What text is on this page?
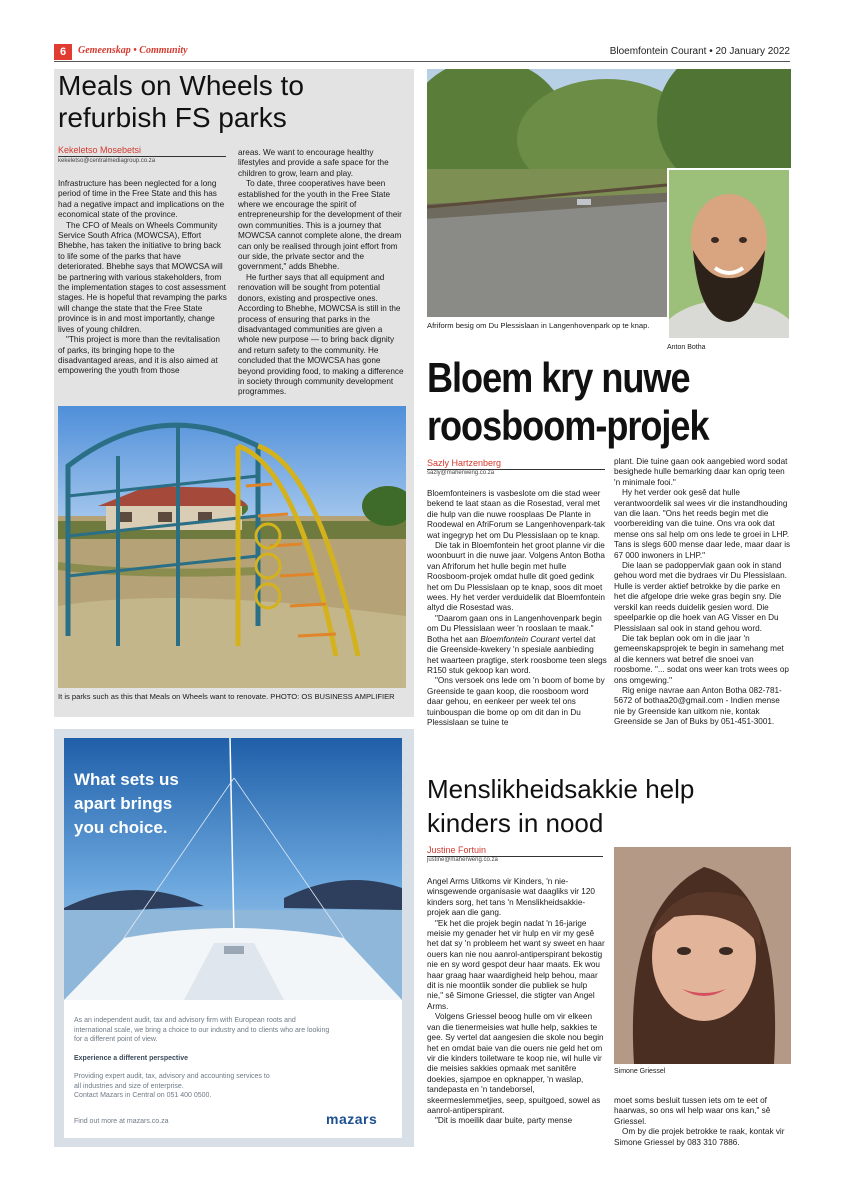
6	Gemeenskap • Community	Bloemfontein Courant • 20 January 2022
Meals on Wheels to refurbish FS parks
Kekeletso Mosebetsi
kekeletso@centralmediagroup.co.za

Infrastructure has been neglected for a long period of time in the Free State and this has had a negative impact and implications on the economical state of the province.

The CFO of Meals on Wheels Community Service South Africa (MOWCSA), Effort Bhebhe, has taken the initiative to bring back to life some of the parks that have deteriorated. Bhebhe says that MOWCSA will be partnering with various stakeholders, from the implementation stages to cost assessment stages. He is hopeful that revamping the parks will change the state that the Free State province is in and most importantly, change lives of young children.

"This project is more than the revitalisation of parks, its bringing hope to the disadvantaged areas, and it is also aimed at empowering the youth from those

areas. We want to encourage healthy lifestyles and provide a safe space for the children to grow, learn and play.

To date, three cooperatives have been established for the youth in the Free State where we encourage the spirit of entrepreneurship for the development of their own communities. This is a journey that MOWCSA cannot complete alone, the dream can only be realised through joint effort from our side, the private sector and the government," adds Bhebhe.

He further says that all equipment and renovation will be sought from potential donors, existing and prospective ones. According to Bhebhe, MOWCSA is still in the process of ensuring that parks in the disadvantaged communities are given a whole new purpose — to bring back dignity and return safety to the community. He concluded that the MOWCSA has gone beyond providing food, to making a difference in society through community development programmes.

It is parks such as this that Meals on Wheels want to renovate. PHOTO: OS BUSINESS AMPLIFIER
What sets us
apart brings
you choice.
As an independent audit, tax and advisory firm with European roots and international scale, we bring a choice to our industry and to clients who are looking for a different point of view.
Experience a different perspective
Providing expert audit, tax, advisory and accounting services to
all industries and size of enterprise.
Contact Mazars in Central on 051 400 0500.
Find out more at mazars.co.za	mazars
Afriform besig om Du Plessislaan in Langenhovenpark op te knap.
Anton Botha
Bloem kry nuwe
roosboom-projek
Sazly Hartzenberg
sazly@maherweng.co.za

Bloemfonteiners is vasbeslote om die stad weer bekend te laat staan as die Rosestad, veral met die hulp van die nuwe roosplaas De Plante in Roodewal en AfriForum se Langenhovenpark-tak wat ingegryp het om Du Plessislaan op te knap.

Die tak in Bloemfontein het groot planne vir die woonbuurt in die nuwe jaar. Volgens Anton Botha van Afriforum het hulle begin met hulle Roosboom-projek omdat hulle dit goed gedink het om Du Plessislaan op te knap, soos dit moet wees. Hy het verder verduidelik dat Bloemfontein altyd die Rosestad was.

"Daarom gaan ons in Langenhovenpark begin om Du Plessislaan weer 'n rooslaan te maak." Botha het aan Bloemfontein Courant vertel dat die Greenside-kwekery 'n spesiale aanbieding het waarteen pragtige, sterk roosbome teen slegs R150 stuk gekoop kan word.

"Ons versoek ons lede om 'n boom of bome by Greenside te gaan koop, die roosboom word daar gehou, en eenkeer per week tel ons tuinbouspan die bome op om dit dan in Du Plessislaan se tuine te

plant. Die tuine gaan ook aangebied word sodat besighede hulle bemarking daar kan oprig teen 'n minimale fooi."

Hy het verder ook gesê dat hulle verantwoordelik sal wees vir die instandhouding van die laan. "Ons het reeds begin met die voorbereiding van die tuine. Ons vra ook dat mense ons sal help om ons lede te groei in LHP. Tans is slegs 600 mense daar lede, maar daar is 67 000 inwoners in LHP."

Die laan se padoppervlak gaan ook in stand gehou word met die bydraes vir Du Plessislaan. Hulle is verder aktief betrokke by die parke en het die afgelope drie weke gras begin sny. Die verskil kan reeds duidelik gesien word. Die speelparkie op die hoek van AG Visser en Du Plessislaan sal ook in stand gehou word.

Die tak beplan ook om in die jaar 'n gemeenskapsprojek te begin in samehang met al die kenners wat betref die snoei van roosbome. "... sodat ons weer kan trots wees op ons omgewing."

Rig enige navrae aan Anton Botha 082-781-5672 of bothaa20@gmail.com - Indien mense nie by Greenside kan uitkom nie, kontak Greenside se Jan of Buks by 051-451-3001.

Menslikheidsakkie help
kinders in nood
Justine Fortuin
justine@maherweng.co.za

Angel Arms Uitkoms vir Kinders, 'n nie-winsgewende organisasie wat daagliks vir 120 kinders sorg, het tans 'n Menslikheidsakkie-projek aan die gang.

"Ek het die projek begin nadat 'n 16-jarige meisie my genader het vir hulp en vir my gesê het dat sy 'n probleem het want sy sweet en haar ouers kan nie nou aanrol-antiperspirant bekostig nie en sy word gespot deur haar maats. Ek wou haar graag haar waardigheid help behou, maar dit is nie moontlik sonder die publiek se hulp nie," sê Simone Griessel, die stigter van Angel Arms.

Volgens Griessel beoog hulle om vir elkeen van die tienermeisies wat hulle help, sakkies te gee. Sy vertel dat aangesien die skole nou begin het en omdat baie van die ouers nie geld het om vir die kinders toiletware te koop nie, wil hulle vir die meisies sakkies opmaak met sanitêre doekies, sjampoe en opknapper, 'n waslap, tandepasta en 'n tandeborsel, skeermeslemmetjies, seep, spuitgoed, sowel as aanrol-antiperspirant.

"Dit is moeilik daar buite, party mense

Simone Griessel

moet soms besluit tussen iets om te eet of haarwas, so ons wil help waar ons kan," sê Griessel.

Om by die projek betrokke te raak, kontak vir Simone Griessel by 083 310 7886.
